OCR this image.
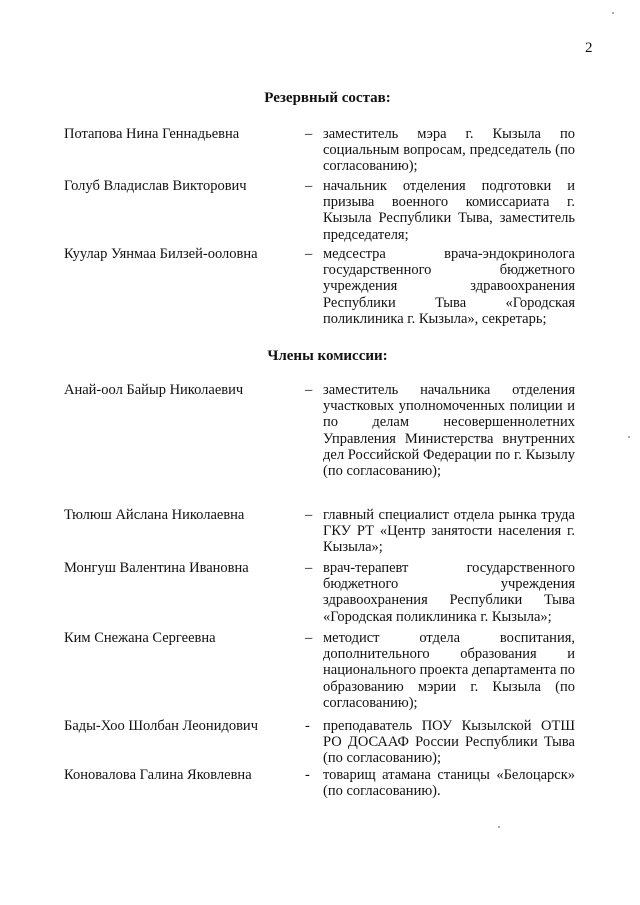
2
Резервный состав:
Потапова Нина Геннадьевна	– заместитель мэра г. Кызыла по социальным вопросам, председатель (по согласованию);
Голуб Владислав Викторович	– начальник отделения подготовки и призыва военного комиссариата г. Кызыла Республики Тыва, заместитель председателя;
Куулар Уянмаа Билзей-ооловна	– медсестра врача-эндокринолога государственного бюджетного учреждения здравоохранения Республики Тыва «Городская поликлиника г. Кызыла», секретарь;
Члены комиссии:
Анай-оол Байыр Николаевич	– заместитель начальника отделения участковых уполномоченных полиции и по делам несовершеннолетних Управления Министерства внутренних дел Российской Федерации по г. Кызылу (по согласованию);
Тюлюш Айслана Николаевна	– главный специалист отдела рынка труда ГКУ РТ «Центр занятости населения г. Кызыла»;
Монгуш Валентина Ивановна	– врач-терапевт государственного бюджетного учреждения здравоохранения Республики Тыва «Городская поликлиника г. Кызыла»;
Ким Снежана Сергеевна	– методист отдела воспитания, дополнительного образования и национального проекта департамента по образованию мэрии г. Кызыла (по согласованию);
Бады-Хоо Шолбан Леонидович	- преподаватель ПОУ Кызылской ОТШ РО ДОСААФ России Республики Тыва (по согласованию);
Коновалова Галина Яковлевна	- товарищ атамана станицы «Белоцарск» (по согласованию).
